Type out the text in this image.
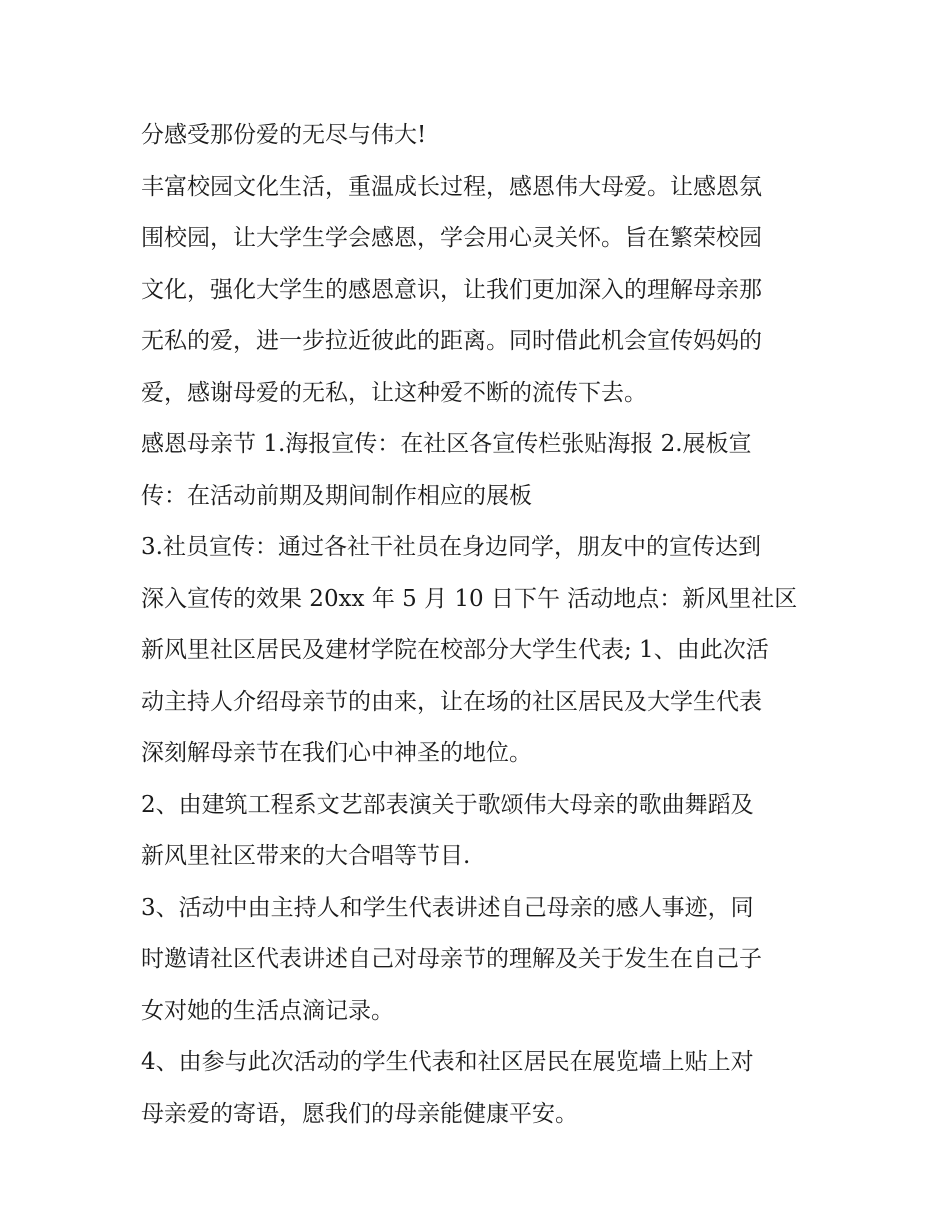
分感受那份爱的无尽与伟大!
丰富校园文化生活，重温成长过程，感恩伟大母爱。让感恩氛
围校园，让大学生学会感恩，学会用心灵关怀。旨在繁荣校园
文化，强化大学生的感恩意识，让我们更加深入的理解母亲那
无私的爱，进一步拉近彼此的距离。同时借此机会宣传妈妈的
爱，感谢母爱的无私，让这种爱不断的流传下去。
感恩母亲节 1.海报宣传：在社区各宣传栏张贴海报 2.展板宣
传：在活动前期及期间制作相应的展板
3.社员宣传：通过各社干社员在身边同学，朋友中的宣传达到
深入宣传的效果 20xx 年 5 月 10 日下午 活动地点：新风里社区
新风里社区居民及建材学院在校部分大学生代表; 1、由此次活
动主持人介绍母亲节的由来，让在场的社区居民及大学生代表
深刻解母亲节在我们心中神圣的地位。
2、由建筑工程系文艺部表演关于歌颂伟大母亲的歌曲舞蹈及
新风里社区带来的大合唱等节目.
3、活动中由主持人和学生代表讲述自己母亲的感人事迹，同
时邀请社区代表讲述自己对母亲节的理解及关于发生在自己子
女对她的生活点滴记录。
4、由参与此次活动的学生代表和社区居民在展览墙上贴上对
母亲爱的寄语，愿我们的母亲能健康平安。
